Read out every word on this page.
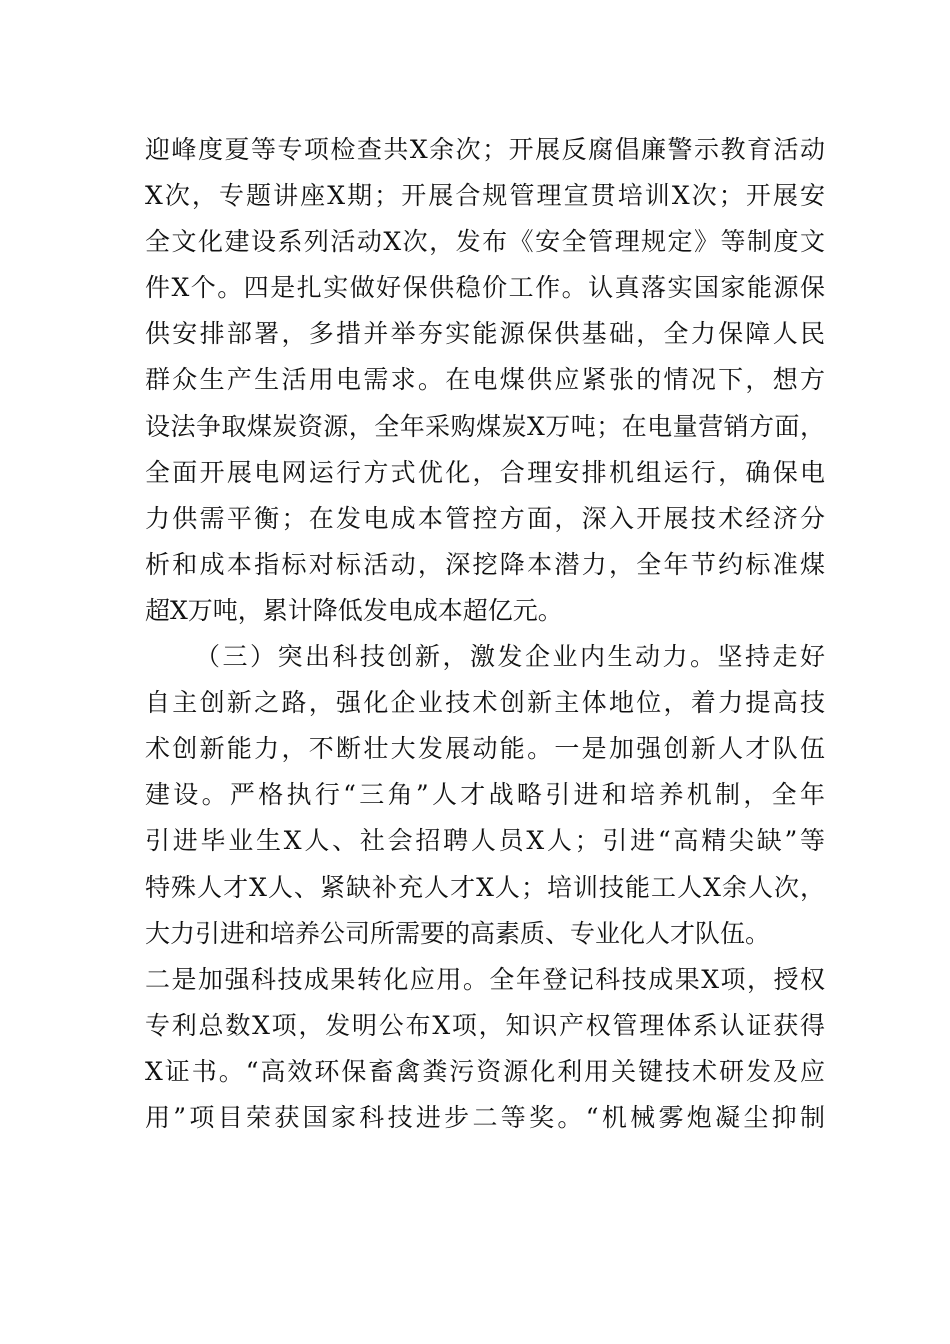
迎峰度夏等专项检查共X余次；开展反腐倡廉警示教育活动
X次，专题讲座X期；开展合规管理宣贯培训X次；开展安
全文化建设系列活动X次，发布《安全管理规定》等制度文
件X个。四是扎实做好保供稳价工作。认真落实国家能源保
供安排部署，多措并举夯实能源保供基础，全力保障人民
群众生产生活用电需求。在电煤供应紧张的情况下，想方
设法争取煤炭资源，全年采购煤炭X万吨；在电量营销方面，
全面开展电网运行方式优化，合理安排机组运行，确保电
力供需平衡；在发电成本管控方面，深入开展技术经济分
析和成本指标对标活动，深挖降本潜力，全年节约标准煤
超X万吨，累计降低发电成本超亿元。
（三）突出科技创新，激发企业内生动力。坚持走好
自主创新之路，强化企业技术创新主体地位，着力提高技
术创新能力，不断壮大发展动能。一是加强创新人才队伍
建设。严格执行“三角”人才战略引进和培养机制，全年
引进毕业生X人、社会招聘人员X人；引进“高精尖缺”等
特殊人才X人、紧缺补充人才X人；培训技能工人X余人次，
大力引进和培养公司所需要的高素质、专业化人才队伍。
二是加强科技成果转化应用。全年登记科技成果X项，授权
专利总数X项，发明公布X项，知识产权管理体系认证获得
X证书。“高效环保畜禽粪污资源化利用关键技术研发及应
用”项目荣获国家科技进步二等奖。“机械雾炮凝尘抑制
